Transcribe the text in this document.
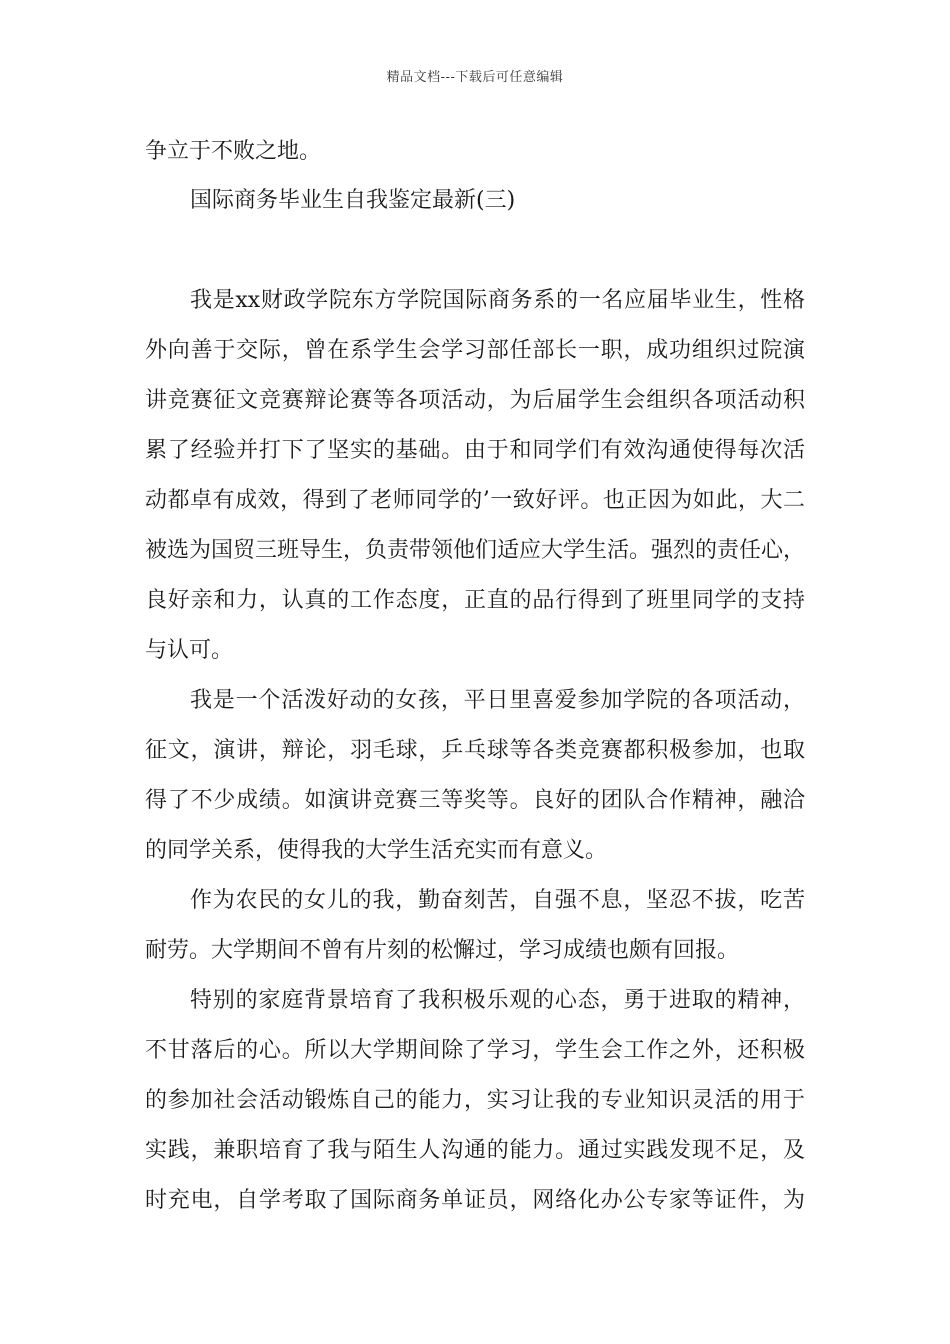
精品文档---下载后可任意编辑
争立于不败之地。
国际商务毕业生自我鉴定最新(三)
我是xx财政学院东方学院国际商务系的一名应届毕业生，性格
外向善于交际，曾在系学生会学习部任部长一职，成功组织过院演
讲竞赛征文竞赛辩论赛等各项活动，为后届学生会组织各项活动积
累了经验并打下了坚实的基础。由于和同学们有效沟通使得每次活
动都卓有成效，得到了老师同学的’一致好评。也正因为如此，大二
被选为国贸三班导生，负责带领他们适应大学生活。强烈的责任心，
良好亲和力，认真的工作态度，正直的品行得到了班里同学的支持
与认可。
我是一个活泼好动的女孩，平日里喜爱参加学院的各项活动，
征文，演讲，辩论，羽毛球，乒乓球等各类竞赛都积极参加，也取
得了不少成绩。如演讲竞赛三等奖等。良好的团队合作精神，融洽
的同学关系，使得我的大学生活充实而有意义。
作为农民的女儿的我，勤奋刻苦，自强不息，坚忍不拔，吃苦
耐劳。大学期间不曾有片刻的松懈过，学习成绩也颇有回报。
特别的家庭背景培育了我积极乐观的心态，勇于进取的精神，
不甘落后的心。所以大学期间除了学习，学生会工作之外，还积极
的参加社会活动锻炼自己的能力，实习让我的专业知识灵活的用于
实践，兼职培育了我与陌生人沟通的能力。通过实践发现不足，及
时充电，自学考取了国际商务单证员，网络化办公专家等证件，为
